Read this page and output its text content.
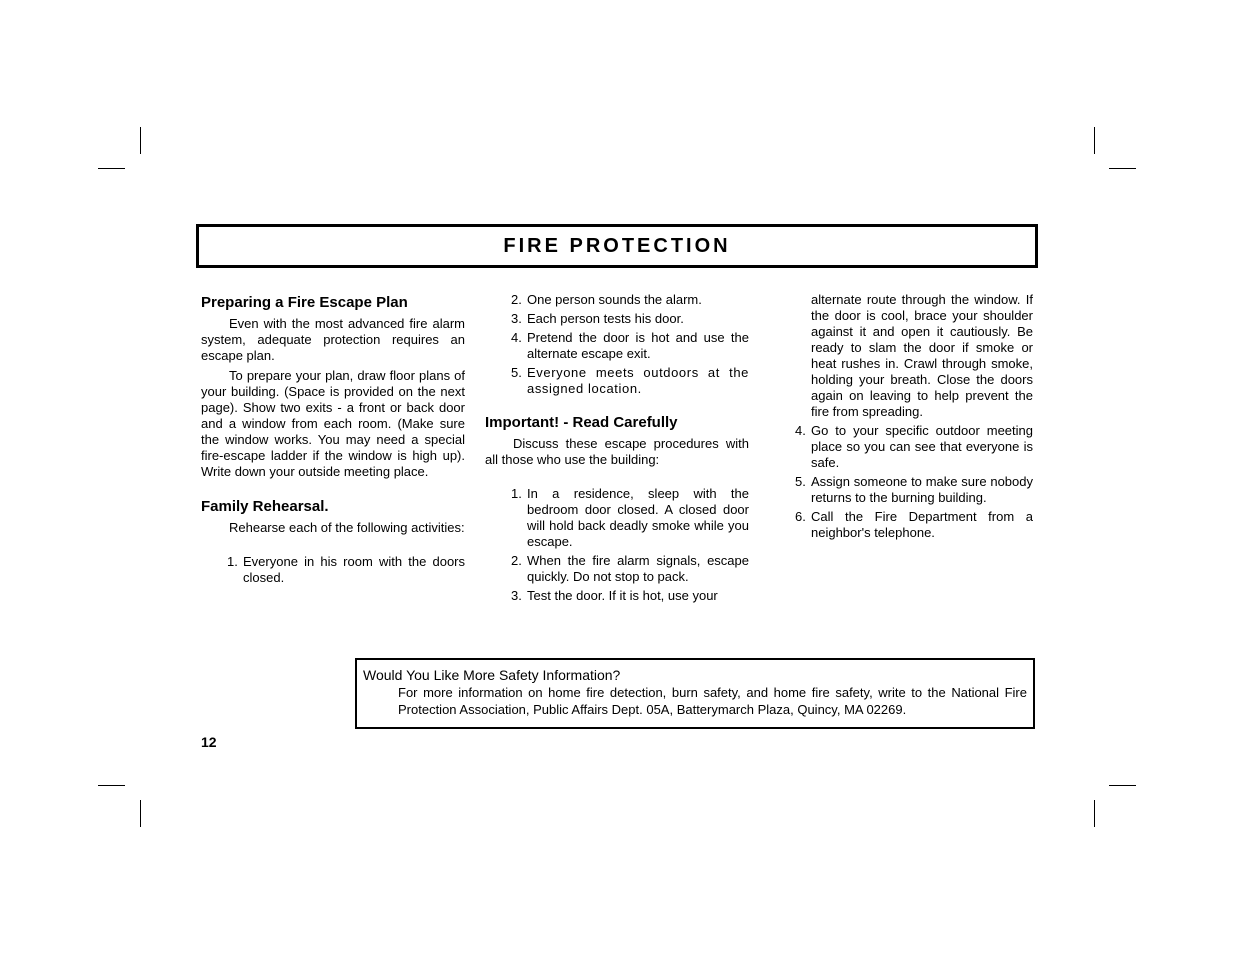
FIRE PROTECTION
Preparing a Fire Escape Plan

Even with the most advanced fire alarm system, adequate protection requires an escape plan.

To prepare your plan, draw floor plans of your building. (Space is provided on the next page). Show two exits - a front or back door and a window from each room. (Make sure the window works. You may need a special fire-escape ladder if the window is high up). Write down your outside meeting place.

Family Rehearsal.

Rehearse each of the following activities:

1. Everyone in his room with the doors closed.
2. One person sounds the alarm.
3. Each person tests his door.
4. Pretend the door is hot and use the alternate escape exit.
5. Everyone meets outdoors at the assigned location.
Important! - Read Carefully

Discuss these escape procedures with all those who use the building:

1. In a residence, sleep with the bedroom door closed. A closed door will hold back deadly smoke while you escape.
2. When the fire alarm signals, escape quickly. Do not stop to pack.
3. Test the door. If it is hot, use your
alternate route through the window. If the door is cool, brace your shoulder against it and open it cautiously. Be ready to slam the door if smoke or heat rushes in. Crawl through smoke, holding your breath. Close the doors again on leaving to help prevent the fire from spreading.
4. Go to your specific outdoor meeting place so you can see that everyone is safe.
5. Assign someone to make sure nobody returns to the burning building.
6. Call the Fire Department from a neighbor's telephone.
Would You Like More Safety Information?
For more information on home fire detection, burn safety, and home fire safety, write to the National Fire Protection Association, Public Affairs Dept. 05A, Batterymarch Plaza, Quincy, MA 02269.
12
